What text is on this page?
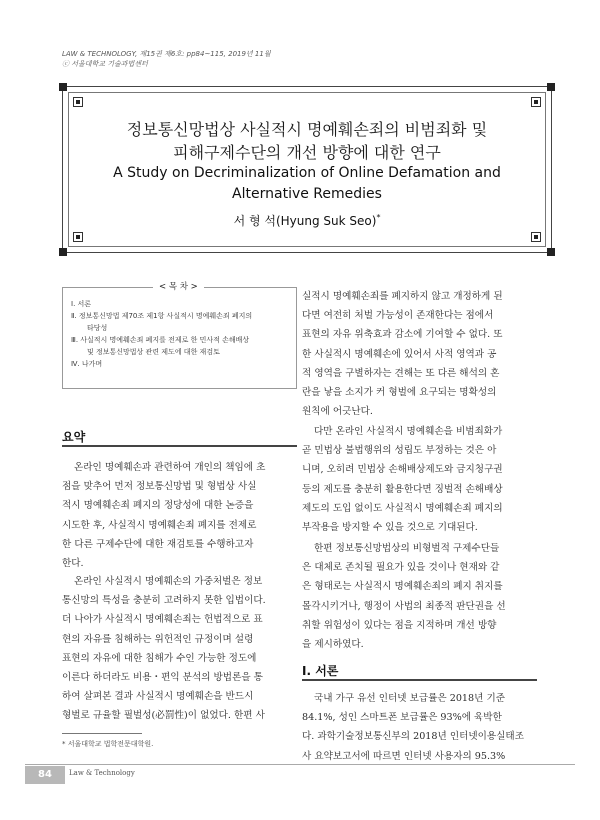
LAW & TECHNOLOGY, 제15권 제6호: pp84~115, 2019년 11월
ⓒ 서울대학교 기술과법센터
정보통신망법상 사실적시 명예훼손죄의 비범죄화 및
피해구제수단의 개선 방향에 대한 연구
A Study on Decriminalization of Online Defamation and
Alternative Remedies
서 형 석(Hyung Suk Seo)*
< 목 차 >
Ⅰ. 서론
Ⅱ. 정보통신망법 제70조 제1항 사실적시 명예훼손죄 폐지의
타당성
Ⅲ. 사실적시 명예훼손죄 폐지를 전제로 한 민사적 손해배상
및 정보통신망법상 관련 제도에 대한 재검토
Ⅳ. 나가며
요약
온라인 명예훼손과 관련하여 개인의 책임에 초
점을 맞추어 먼저 정보통신망법 및 형법상 사실
적시 명예훼손죄 폐지의 정당성에 대한 논증을
시도한 후, 사실적시 명예훼손죄 폐지를 전제로
한 다른 구제수단에 대한 재검토를 수행하고자
한다.
온라인 사실적시 명예훼손의 가중처벌은 정보
통신망의 특성을 충분히 고려하지 못한 입법이다.
더 나아가 사실적시 명예훼손죄는 헌법적으로 표
현의 자유를 침해하는 위헌적인 규정이며 설령
표현의 자유에 대한 침해가 수인 가능한 정도에
이른다 하더라도 비용・편익 분석의 방법론을 통
하여 살펴본 결과 사실적시 명예훼손을 반드시
형벌로 규율할 필벌성(必罰性)이 없었다. 한편 사
실적시 명예훼손죄를 폐지하지 않고 개정하게 된
다면 여전히 처벌 가능성이 존재한다는 점에서
표현의 자유 위축효과 감소에 기여할 수 없다. 또
한 사실적시 명예훼손에 있어서 사적 영역과 공
적 영역을 구별하자는 견해는 또 다른 해석의 혼
란을 낳을 소지가 커 형벌에 요구되는 명확성의
원칙에 어긋난다.
다만 온라인 사실적시 명예훼손을 비범죄화가
곧 민법상 불법행위의 성립도 부정하는 것은 아
니며, 오히려 민법상 손해배상제도와 금지청구권
등의 제도를 충분히 활용한다면 징벌적 손해배상
제도의 도입 없이도 사실적시 명예훼손죄 폐지의
부작용을 방지할 수 있을 것으로 기대된다.
한편 정보통신망법상의 비형벌적 구제수단들
은 대체로 존치될 필요가 있을 것이나 현재와 같
은 형태로는 사실적시 명예훼손죄의 폐지 취지를
몰각시키거나, 행정이 사법의 최종적 판단권을 선
취할 위험성이 있다는 점을 지적하며 개선 방향
을 제시하였다.
Ⅰ. 서론
국내 가구 유선 인터넷 보급률은 2018년 기준
84.1%, 성인 스마트폰 보급률은 93%에 육박한
다. 과학기술정보통신부의 2018년 인터넷이용실태조
사 요약보고서에 따르면 인터넷 사용자의 95.3%
* 서울대학교 법학전문대학원.
84	Law & Technology
